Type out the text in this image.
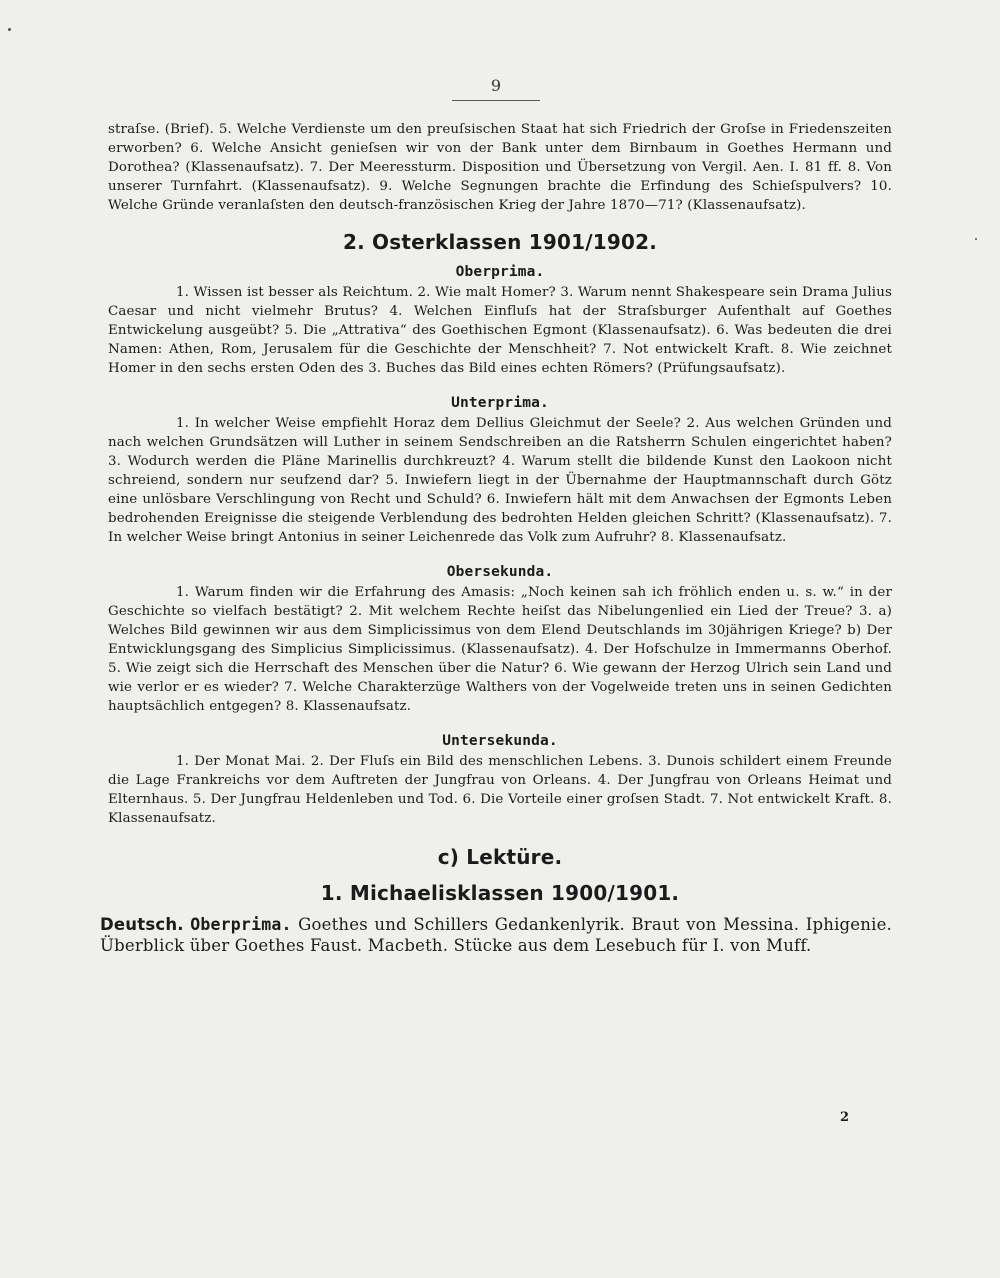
9

straſse. (Brief). 5. Welche Verdienste um den preuſsischen Staat hat sich Friedrich der Groſse in Friedenszeiten erworben? 6. Welche Ansicht genieſsen wir von der Bank unter dem Birnbaum in Goethes Hermann und Dorothea? (Klassenaufsatz). 7. Der Meeressturm. Disposition und Übersetzung von Vergil. Aen. I. 81 ff. 8. Von unserer Turnfahrt. (Klassenaufsatz). 9. Welche Segnungen brachte die Erfindung des Schieſspulvers? 10. Welche Gründe veranlaſsten den deutsch-französischen Krieg der Jahre 1870—71? (Klassenaufsatz).

2. Osterklassen 1901/1902.
Oberprima.

1. Wissen ist besser als Reichtum. 2. Wie malt Homer? 3. Warum nennt Shakespeare sein Drama Julius Caesar und nicht vielmehr Brutus? 4. Welchen Einfluſs hat der Straſsburger Aufenthalt auf Goethes Entwickelung ausgeübt? 5. Die „Attrativa“ des Goethischen Egmont (Klassenaufsatz). 6. Was bedeuten die drei Namen: Athen, Rom, Jerusalem für die Geschichte der Menschheit? 7. Not entwickelt Kraft. 8. Wie zeichnet Homer in den sechs ersten Oden des 3. Buches das Bild eines echten Römers? (Prüfungsaufsatz).

Unterprima.

1. In welcher Weise empfiehlt Horaz dem Dellius Gleichmut der Seele? 2. Aus welchen Gründen und nach welchen Grundsätzen will Luther in seinem Sendschreiben an die Ratsherrn Schulen eingerichtet haben? 3. Wodurch werden die Pläne Marinellis durchkreuzt? 4. Warum stellt die bildende Kunst den Laokoon nicht schreiend, sondern nur seufzend dar? 5. Inwiefern liegt in der Übernahme der Hauptmannschaft durch Götz eine unlösbare Verschlingung von Recht und Schuld? 6. Inwiefern hält mit dem Anwachsen der Egmonts Leben bedrohenden Ereignisse die steigende Verblendung des bedrohten Helden gleichen Schritt? (Klassenaufsatz). 7. In welcher Weise bringt Antonius in seiner Leichenrede das Volk zum Aufruhr? 8. Klassenaufsatz.

Obersekunda.

1. Warum finden wir die Erfahrung des Amasis: „Noch keinen sah ich fröhlich enden u. s. w.“ in der Geschichte so vielfach bestätigt? 2. Mit welchem Rechte heiſst das Nibelungenlied ein Lied der Treue? 3. a) Welches Bild gewinnen wir aus dem Simplicissimus von dem Elend Deutschlands im 30jährigen Kriege? b) Der Entwicklungsgang des Simplicius Simplicissimus. (Klassenaufsatz). 4. Der Hofschulze in Immermanns Oberhof. 5. Wie zeigt sich die Herrschaft des Menschen über die Natur? 6. Wie gewann der Herzog Ulrich sein Land und wie verlor er es wieder? 7. Welche Charakterzüge Walthers von der Vogelweide treten uns in seinen Gedichten hauptsächlich entgegen? 8. Klassenaufsatz.

Untersekunda.

1. Der Monat Mai. 2. Der Fluſs ein Bild des menschlichen Lebens. 3. Dunois schildert einem Freunde die Lage Frankreichs vor dem Auftreten der Jungfrau von Orleans. 4. Der Jungfrau von Orleans Heimat und Elternhaus. 5. Der Jungfrau Heldenleben und Tod. 6. Die Vorteile einer groſsen Stadt. 7. Not entwickelt Kraft. 8. Klassenaufsatz.

c) Lektüre.
1. Michaelisklassen 1900/1901.
Deutsch. Oberprima. Goethes und Schillers Gedankenlyrik. Braut von Messina. Iphigenie. Überblick über Goethes Faust. Macbeth. Stücke aus dem Lesebuch für I. von Muff.
2
